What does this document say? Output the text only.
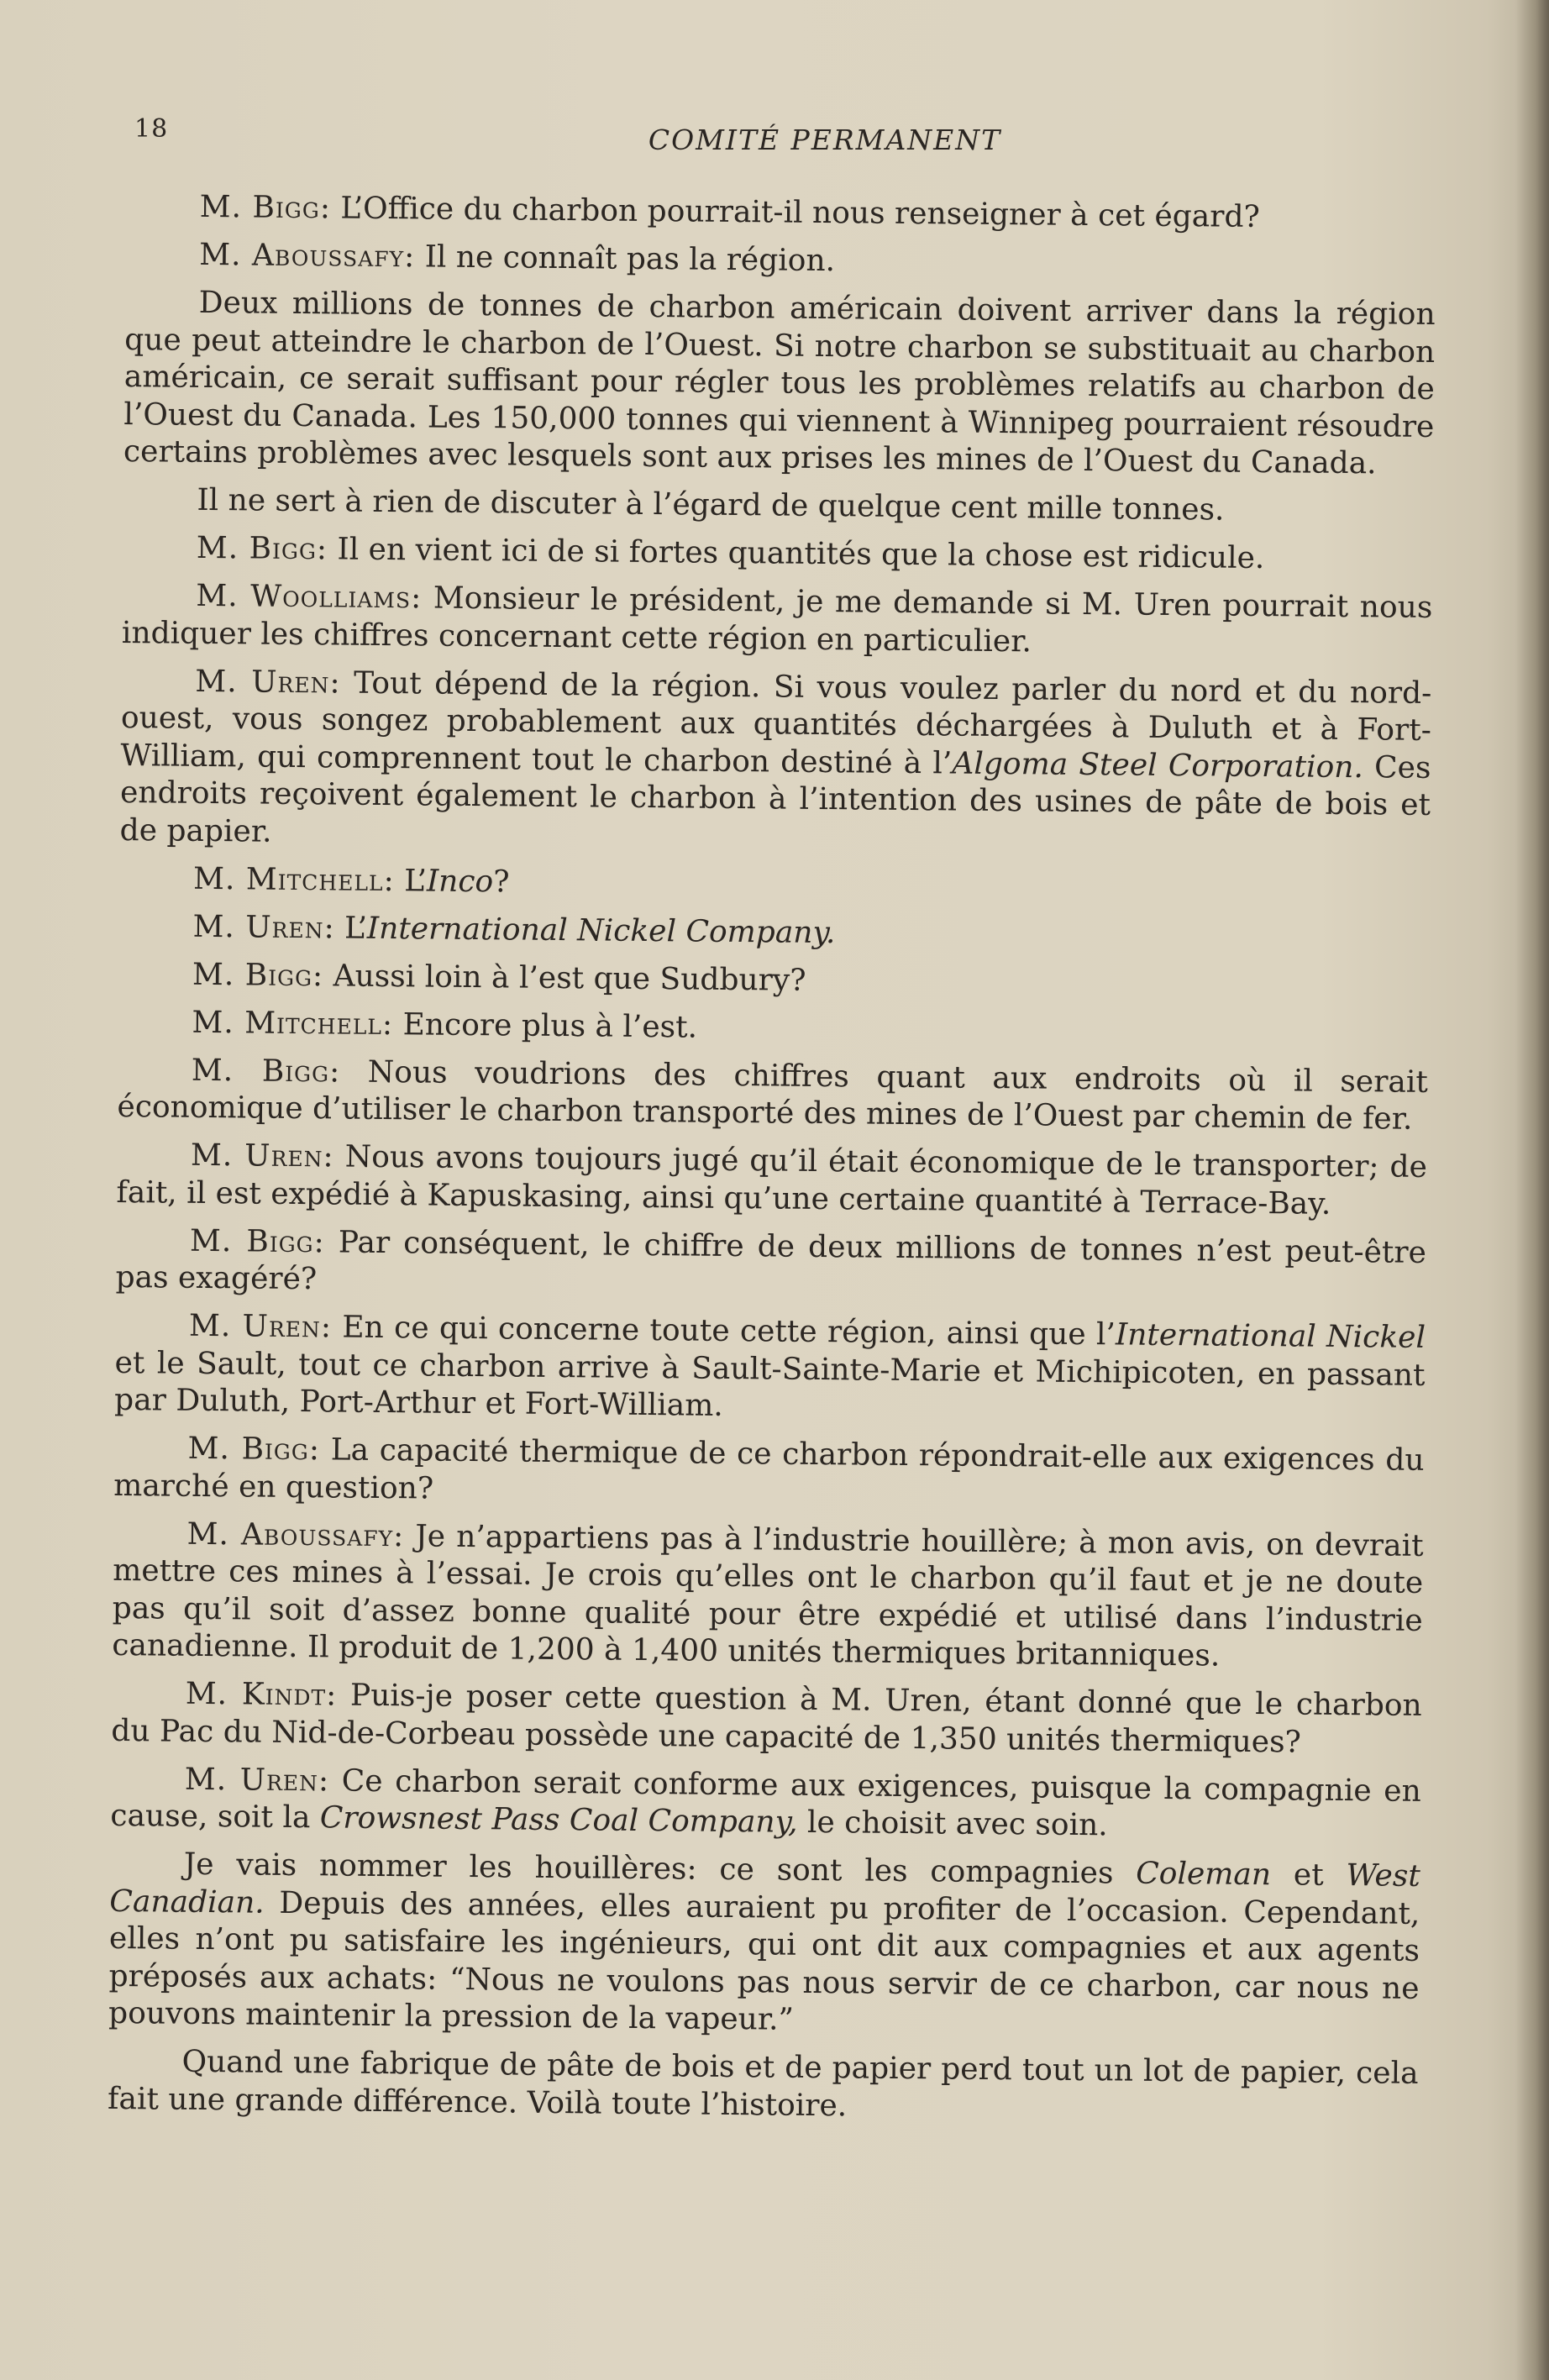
18	COMITÉ PERMANENT

M. Bigg: L’Office du charbon pourrait-il nous renseigner à cet égard?

M. Aboussafy: Il ne connaît pas la région.

Deux millions de tonnes de charbon américain doivent arriver dans la région que peut atteindre le charbon de l’Ouest. Si notre charbon se substituait au charbon américain, ce serait suffisant pour régler tous les problèmes relatifs au charbon de l’Ouest du Canada. Les 150,000 tonnes qui viennent à Winnipeg pourraient résoudre certains problèmes avec lesquels sont aux prises les mines de l’Ouest du Canada.

Il ne sert à rien de discuter à l’égard de quelque cent mille tonnes.

M. Bigg: Il en vient ici de si fortes quantités que la chose est ridicule.

M. Woolliams: Monsieur le président, je me demande si M. Uren pourrait nous indiquer les chiffres concernant cette région en particulier.

M. Uren: Tout dépend de la région. Si vous voulez parler du nord et du nord-ouest, vous songez probablement aux quantités déchargées à Duluth et à Fort-William, qui comprennent tout le charbon destiné à l’Algoma Steel Corporation. Ces endroits reçoivent également le charbon à l’intention des usines de pâte de bois et de papier.

M. Mitchell: L’Inco?

M. Uren: L’International Nickel Company.

M. Bigg: Aussi loin à l’est que Sudbury?

M. Mitchell: Encore plus à l’est.

M. Bigg: Nous voudrions des chiffres quant aux endroits où il serait économique d’utiliser le charbon transporté des mines de l’Ouest par chemin de fer.

M. Uren: Nous avons toujours jugé qu’il était économique de le transporter; de fait, il est expédié à Kapuskasing, ainsi qu’une certaine quantité à Terrace-Bay.

M. Bigg: Par conséquent, le chiffre de deux millions de tonnes n’est peut-être pas exagéré?

M. Uren: En ce qui concerne toute cette région, ainsi que l’International Nickel et le Sault, tout ce charbon arrive à Sault-Sainte-Marie et Michipicoten, en passant par Duluth, Port-Arthur et Fort-William.

M. Bigg: La capacité thermique de ce charbon répondrait-elle aux exigences du marché en question?

M. Aboussafy: Je n’appartiens pas à l’industrie houillère; à mon avis, on devrait mettre ces mines à l’essai. Je crois qu’elles ont le charbon qu’il faut et je ne doute pas qu’il soit d’assez bonne qualité pour être expédié et utilisé dans l’industrie canadienne. Il produit de 1,200 à 1,400 unités thermiques britanniques.

M. Kindt: Puis-je poser cette question à M. Uren, étant donné que le charbon du Pac du Nid-de-Corbeau possède une capacité de 1,350 unités thermiques?

M. Uren: Ce charbon serait conforme aux exigences, puisque la compagnie en cause, soit la Crowsnest Pass Coal Company, le choisit avec soin.

Je vais nommer les houillères: ce sont les compagnies Coleman et West Canadian. Depuis des années, elles auraient pu profiter de l’occasion. Cependant, elles n’ont pu satisfaire les ingénieurs, qui ont dit aux compagnies et aux agents préposés aux achats: “Nous ne voulons pas nous servir de ce charbon, car nous ne pouvons maintenir la pression de la vapeur.”

Quand une fabrique de pâte de bois et de papier perd tout un lot de papier, cela fait une grande différence. Voilà toute l’histoire.
